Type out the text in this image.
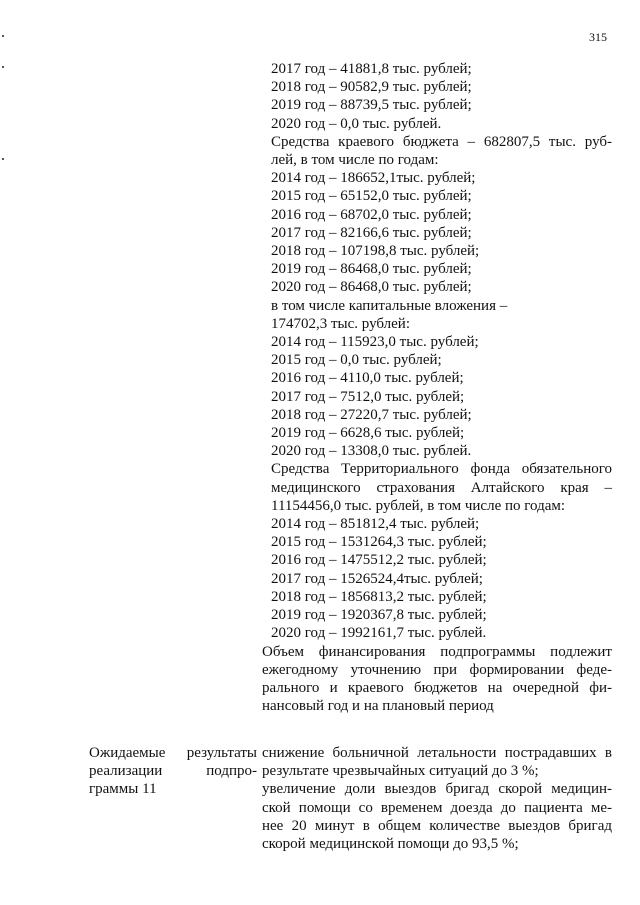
315
2017 год – 41881,8 тыс. рублей;
2018 год – 90582,9 тыс. рублей;
2019 год – 88739,5 тыс. рублей;
2020 год – 0,0 тыс. рублей.
Средства краевого бюджета – 682807,5 тыс. руб-
лей, в том числе по годам:
2014 год – 186652,1тыс. рублей;
2015 год – 65152,0 тыс. рублей;
2016 год – 68702,0 тыс. рублей;
2017 год – 82166,6 тыс. рублей;
2018 год – 107198,8 тыс. рублей;
2019 год – 86468,0 тыс. рублей;
2020 год – 86468,0 тыс. рублей;
в том числе капитальные вложения –
174702,3 тыс. рублей:
2014 год – 115923,0 тыс. рублей;
2015 год – 0,0 тыс. рублей;
2016 год – 4110,0 тыс. рублей;
2017 год – 7512,0 тыс. рублей;
2018 год – 27220,7 тыс. рублей;
2019 год – 6628,6 тыс. рублей;
2020 год – 13308,0 тыс. рублей.
Средства Территориального фонда обязательного
медицинского страхования Алтайского края –
11154456,0 тыс. рублей, в том числе по годам:
2014 год – 851812,4 тыс. рублей;
2015 год – 1531264,3 тыс. рублей;
2016 год – 1475512,2 тыс. рублей;
2017 год – 1526524,4тыс. рублей;
2018 год – 1856813,2 тыс. рублей;
2019 год – 1920367,8 тыс. рублей;
2020 год – 1992161,7 тыс. рублей.
Объем финансирования подпрограммы подлежит
ежегодному уточнению при формировании феде-
рального и краевого бюджетов на очередной фи-
нансовый год и на плановый период
Ожидаемые результаты
реализации	подпро-
граммы 11
снижение больничной летальности пострадавших в
результате чрезвычайных ситуаций до 3 %;
увеличение доли выездов бригад скорой медицин-
ской помощи со временем доезда до пациента ме-
нее 20 минут в общем количестве выездов бригад
скорой медицинской помощи до 93,5 %;
